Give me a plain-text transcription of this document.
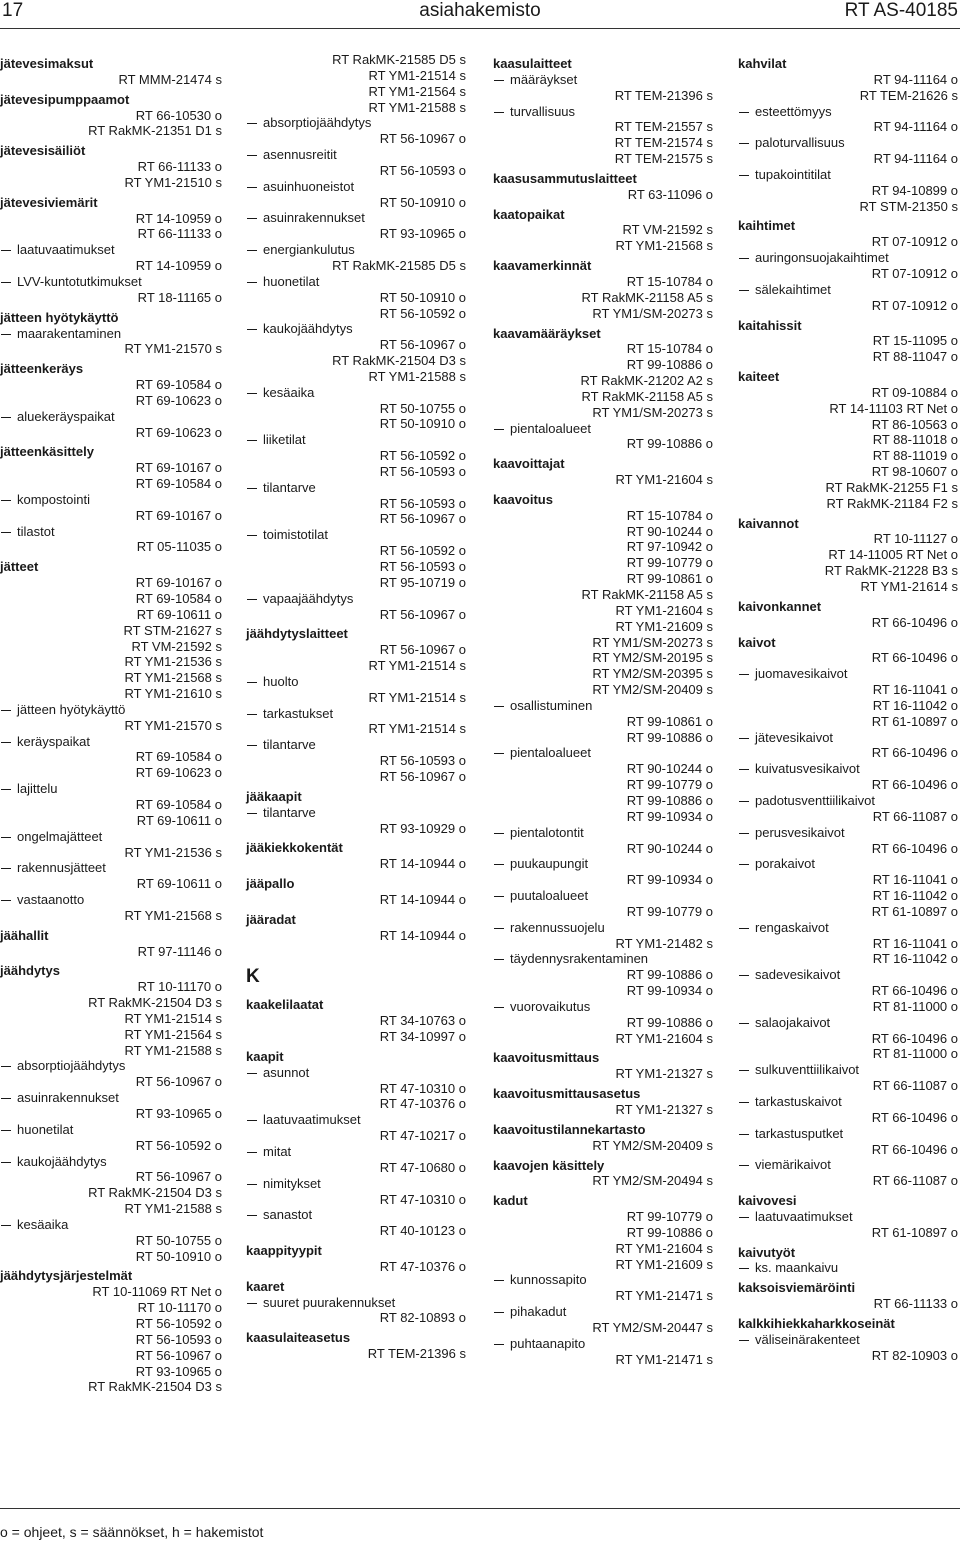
asiahakemisto
17	RT AS-40185
jätevesimaksut
RT MMM-21474 s
jätevesipumppaamot
RT 66-10530 o
RT RakMK-21351 D1 s
jätevesisäiliöt
RT 66-11133 o
RT YM1-21510 s
jätevesiviemärit
RT 14-10959 o
RT 66-11133 o
laatuvaatimukset
RT 14-10959 o
LVV-kuntotutkimukset
RT 18-11165 o
jätteen hyötykäyttö
maarakentaminen
RT YM1-21570 s
jätteenkeräys
RT 69-10584 o
RT 69-10623 o
aluekeräyspaikat
RT 69-10623 o
jätteenkäsittely
RT 69-10167 o
RT 69-10584 o
kompostointi
RT 69-10167 o
tilastot
RT 05-11035 o
jätteet
RT 69-10167 o
RT 69-10584 o
RT 69-10611 o
RT STM-21627 s
RT VM-21592 s
RT YM1-21536 s
RT YM1-21568 s
RT YM1-21610 s
jätteen hyötykäyttö
RT YM1-21570 s
keräyspaikat
RT 69-10584 o
RT 69-10623 o
lajittelu
RT 69-10584 o
RT 69-10611 o
ongelmajätteet
RT YM1-21536 s
rakennusjätteet
RT 69-10611 o
vastaanotto
RT YM1-21568 s
jäähallit
RT 97-11146 o
jäähdytys
RT 10-11170 o
RT RakMK-21504 D3 s
RT YM1-21514 s
RT YM1-21564 s
RT YM1-21588 s
absorptiojäähdytys
RT 56-10967 o
asuinrakennukset
RT 93-10965 o
huonetilat
RT 56-10592 o
kaukojäähdytys
RT 56-10967 o
RT RakMK-21504 D3 s
RT YM1-21588 s
kesäaika
RT 50-10755 o
RT 50-10910 o
jäähdytysjärjestelmät
RT 10-11069 RT Net o
RT 10-11170 o
RT 56-10592 o
RT 56-10593 o
RT 56-10967 o
RT 93-10965 o
RT RakMK-21504 D3 s
RT RakMK-21585 D5 s
RT YM1-21514 s
RT YM1-21564 s
RT YM1-21588 s
absorptiojäähdytys
RT 56-10967 o
asennusreitit
RT 56-10593 o
asuinhuoneistot
RT 50-10910 o
asuinrakennukset
RT 93-10965 o
energiankulutus
RT RakMK-21585 D5 s
huonetilat
RT 50-10910 o
RT 56-10592 o
kaukojäähdytys
RT 56-10967 o
RT RakMK-21504 D3 s
RT YM1-21588 s
kesäaika
RT 50-10755 o
RT 50-10910 o
liiketilat
RT 56-10592 o
RT 56-10593 o
tilantarve
RT 56-10593 o
RT 56-10967 o
toimistotilat
RT 56-10592 o
RT 56-10593 o
RT 95-10719 o
vapaajäähdytys
RT 56-10967 o
jäähdytyslaitteet
RT 56-10967 o
RT YM1-21514 s
huolto
RT YM1-21514 s
tarkastukset
RT YM1-21514 s
tilantarve
RT 56-10593 o
RT 56-10967 o
jääkaapit
tilantarve
RT 93-10929 o
jääkiekkokentät
RT 14-10944 o
jääpallo
RT 14-10944 o
jääradat
RT 14-10944 o
K
kaakelilaatat
RT 34-10763 o
RT 34-10997 o
kaapit
asunnot
RT 47-10310 o
RT 47-10376 o
laatuvaatimukset
RT 47-10217 o
mitat
RT 47-10680 o
nimitykset
RT 47-10310 o
sanastot
RT 40-10123 o
kaappityypit
RT 47-10376 o
kaaret
suuret puurakennukset
RT 82-10893 o
kaasulaiteasetus
RT TEM-21396 s
kaasulaitteet
määräykset
RT TEM-21396 s
turvallisuus
RT TEM-21557 s
RT TEM-21574 s
RT TEM-21575 s
kaasusammutuslaitteet
RT 63-11096 o
kaatopaikat
RT VM-21592 s
RT YM1-21568 s
kaavamerkinnät
RT 15-10784 o
RT RakMK-21158 A5 s
RT YM1/SM-20273 s
kaavamääräykset
RT 15-10784 o
RT 99-10886 o
RT RakMK-21202 A2 s
RT RakMK-21158 A5 s
RT YM1/SM-20273 s
pientaloalueet
RT 99-10886 o
kaavoittajat
RT YM1-21604 s
kaavoitus
RT 15-10784 o
RT 90-10244 o
RT 97-10942 o
RT 99-10779 o
RT 99-10861 o
RT RakMK-21158 A5 s
RT YM1-21604 s
RT YM1-21609 s
RT YM1/SM-20273 s
RT YM2/SM-20195 s
RT YM2/SM-20395 s
RT YM2/SM-20409 s
osallistuminen
RT 99-10861 o
RT 99-10886 o
pientaloalueet
RT 90-10244 o
RT 99-10779 o
RT 99-10886 o
RT 99-10934 o
pientalotontit
RT 90-10244 o
puukaupungit
RT 99-10934 o
puutaloalueet
RT 99-10779 o
rakennussuojelu
RT YM1-21482 s
täydennysrakentaminen
RT 99-10886 o
RT 99-10934 o
vuorovaikutus
RT 99-10886 o
RT YM1-21604 s
kaavoitusmittaus
RT YM1-21327 s
kaavoitusmittausasetus
RT YM1-21327 s
kaavoitustilannekartasto
RT YM2/SM-20409 s
kaavojen käsittely
RT YM2/SM-20494 s
kadut
RT 99-10779 o
RT 99-10886 o
RT YM1-21604 s
RT YM1-21609 s
kunnossapito
RT YM1-21471 s
pihakadut
RT YM2/SM-20447 s
puhtaanapito
RT YM1-21471 s
kahvilat
RT 94-11164 o
RT TEM-21626 s
esteettömyys
RT 94-11164 o
paloturvallisuus
RT 94-11164 o
tupakointitilat
RT 94-10899 o
RT STM-21350 s
kaihtimet
RT 07-10912 o
auringonsuojakaihtimet
RT 07-10912 o
sälekaihtimet
RT 07-10912 o
kaitahissit
RT 15-11095 o
RT 88-11047 o
kaiteet
RT 09-10884 o
RT 14-11103 RT Net o
RT 86-10563 o
RT 88-11018 o
RT 88-11019 o
RT 98-10607 o
RT RakMK-21255 F1 s
RT RakMK-21184 F2 s
kaivannot
RT 10-11127 o
RT 14-11005 RT Net o
RT RakMK-21228 B3 s
RT YM1-21614 s
kaivonkannet
RT 66-10496 o
kaivot
RT 66-10496 o
juomavesikaivot
RT 16-11041 o
RT 16-11042 o
RT 61-10897 o
jätevesikaivot
RT 66-10496 o
kuivatusvesikaivot
RT 66-10496 o
padotusventtiilikaivot
RT 66-11087 o
perusvesikaivot
RT 66-10496 o
porakaivot
RT 16-11041 o
RT 16-11042 o
RT 61-10897 o
rengaskaivot
RT 16-11041 o
RT 16-11042 o
sadevesikaivot
RT 66-10496 o
RT 81-11000 o
salaojakaivot
RT 66-10496 o
RT 81-11000 o
sulkuventtiilikaivot
RT 66-11087 o
tarkastuskaivot
RT 66-10496 o
tarkastusputket
RT 66-10496 o
viemärikaivot
RT 66-11087 o
kaivovesi
laatuvaatimukset
RT 61-10897 o
kaivutyöt
ks. maankaivu
kaksoisviemäröinti
RT 66-11133 o
kalkkihiekkaharkkoseinät
väliseinärakenteet
RT 82-10903 o
o = ohjeet, s = säännökset, h = hakemistot
